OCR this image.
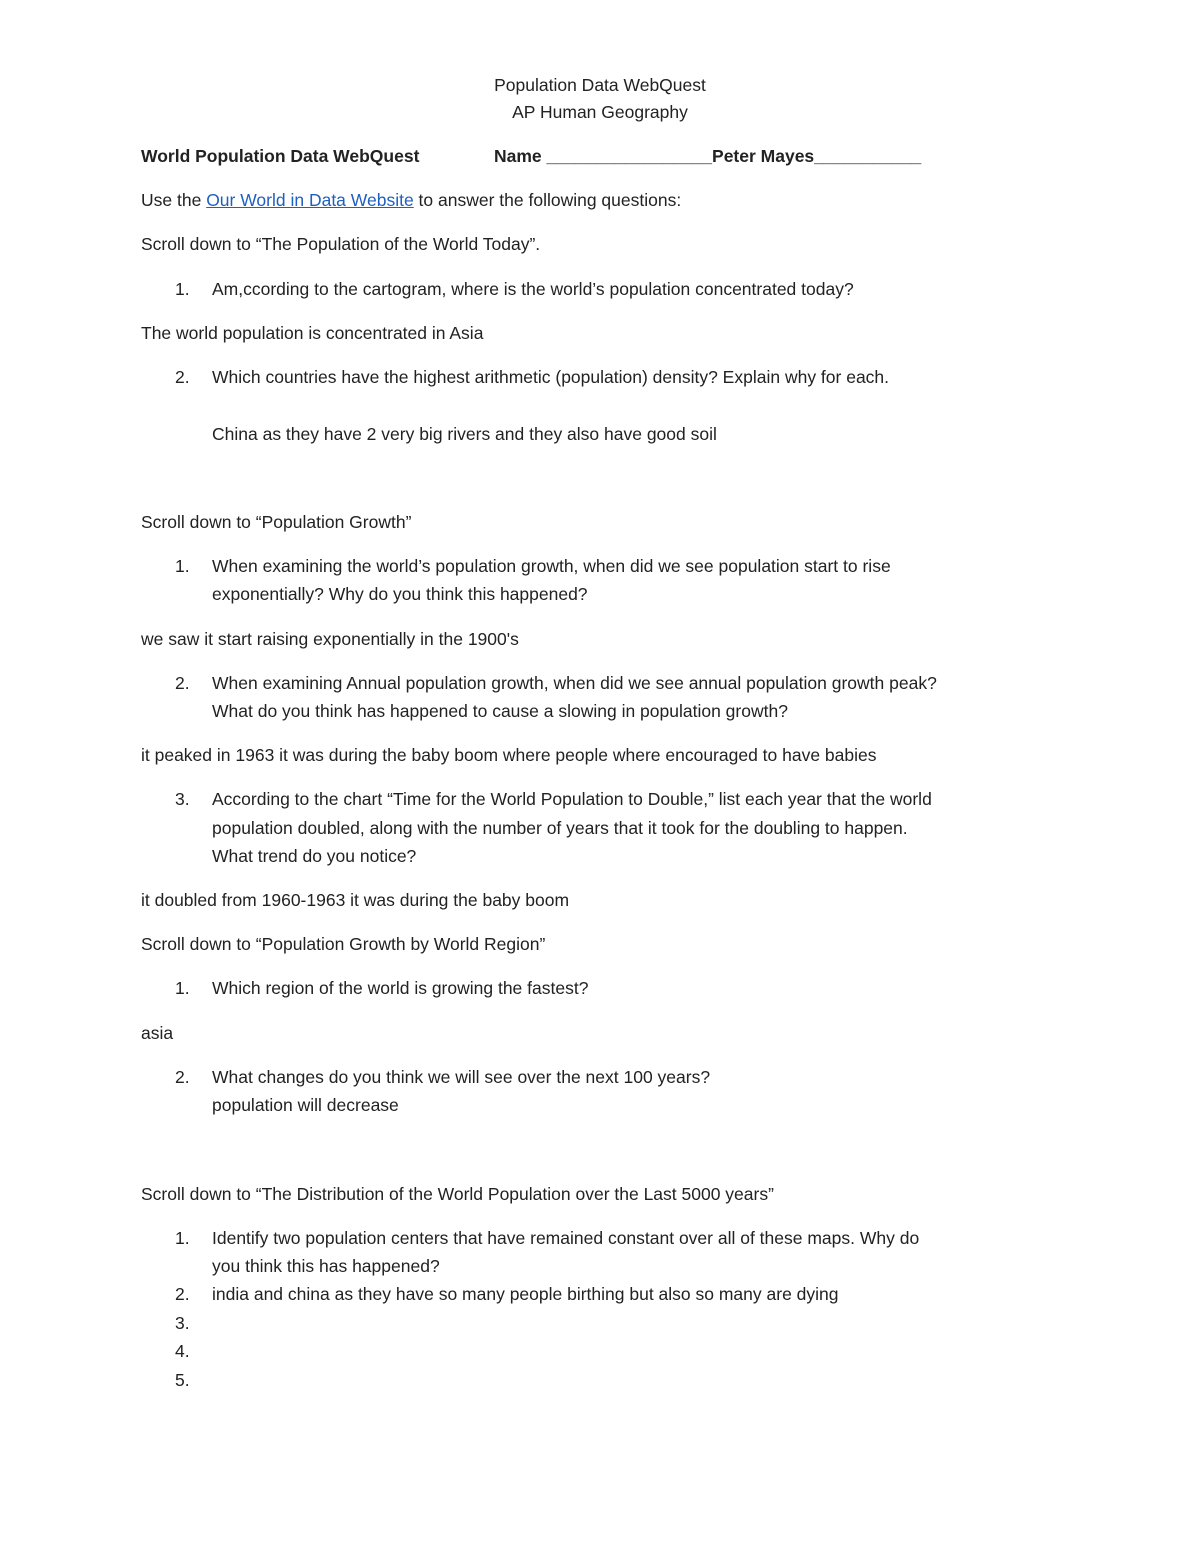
Population Data WebQuest
AP Human Geography
World Population Data WebQuest	Name _________________Peter Mayes___________
Use the Our World in Data Website to answer the following questions:
Scroll down to “The Population of the World Today”.
1.	Am,ccording to the cartogram, where is the world’s population concentrated today?
The world population is concentrated in Asia
2.	Which countries have the highest arithmetic (population) density? Explain why for each.
China as they have 2 very big rivers and they also have good soil
Scroll down to “Population Growth”
1.	When examining the world’s population growth, when did we see population start to rise
exponentially? Why do you think this happened?
we saw it start raising exponentially in the 1900's
2.	When examining Annual population growth, when did we see annual population growth peak?
What do you think has happened to cause a slowing in population growth?
it peaked in 1963 it was during the baby boom where people where encouraged to have babies
3.	According to the chart “Time for the World Population to Double,” list each year that the world
population doubled, along with the number of years that it took for the doubling to happen.
What trend do you notice?
it doubled from 1960-1963 it was during the baby boom
Scroll down to “Population Growth by World Region”
1.	Which region of the world is growing the fastest?
asia
2.	What changes do you think we will see over the next 100 years?
population will decrease
Scroll down to “The Distribution of the World Population over the Last 5000 years”
1.	Identify two population centers that have remained constant over all of these maps. Why do
you think this has happened?
2.	india and china as they have so many people birthing but also so many are dying
3.
4.
5.
